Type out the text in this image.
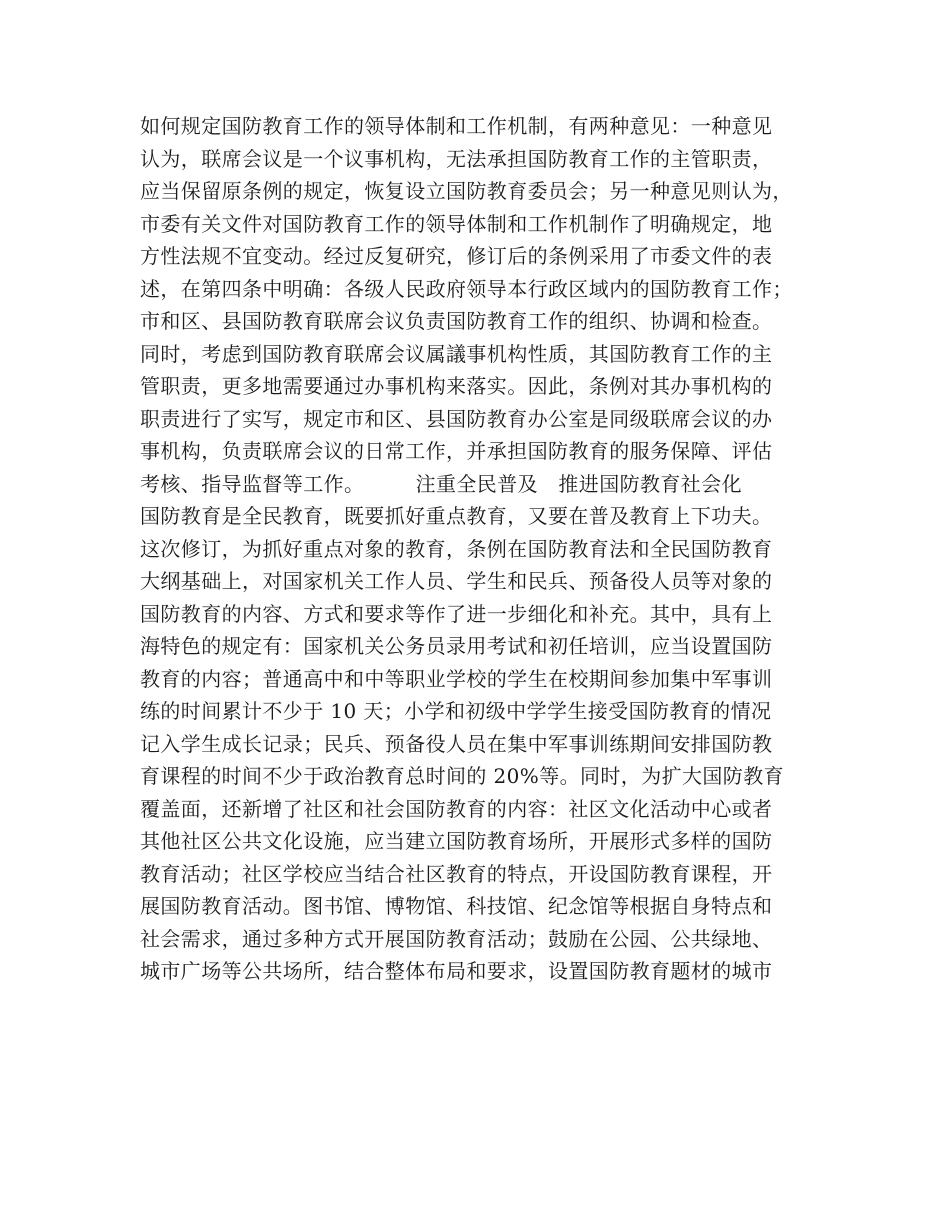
如何规定国防教育工作的领导体制和工作机制，有两种意见：一种意见
认为，联席会议是一个议事机构，无法承担国防教育工作的主管职责，
应当保留原条例的规定，恢复设立国防教育委员会；另一种意见则认为，
市委有关文件对国防教育工作的领导体制和工作机制作了明确规定，地
方性法规不宜变动。经过反复研究，修订后的条例采用了市委文件的表
述，在第四条中明确：各级人民政府领导本行政区域内的国防教育工作；
市和区、县国防教育联席会议负责国防教育工作的组织、协调和检查。
同时，考虑到国防教育联席会议属議事机构性质，其国防教育工作的主
管职责，更多地需要通过办事机构来落实。因此，条例对其办事机构的
职责进行了实写，规定市和区、县国防教育办公室是同级联席会议的办
事机构，负责联席会议的日常工作，并承担国防教育的服务保障、评估
考核、指导监督等工作。　　　注重全民普及　推进国防教育社会化
国防教育是全民教育，既要抓好重点教育，又要在普及教育上下功夫。
这次修订，为抓好重点对象的教育，条例在国防教育法和全民国防教育
大纲基础上，对国家机关工作人员、学生和民兵、预备役人员等对象的
国防教育的内容、方式和要求等作了进一步细化和补充。其中，具有上
海特色的规定有：国家机关公务员录用考试和初任培训，应当设置国防
教育的内容；普通高中和中等职业学校的学生在校期间参加集中军事训
练的时间累计不少于 10 天；小学和初级中学学生接受国防教育的情况
记入学生成长记录；民兵、预备役人员在集中军事训练期间安排国防教
育课程的时间不少于政治教育总时间的 20%等。同时，为扩大国防教育
覆盖面，还新增了社区和社会国防教育的内容：社区文化活动中心或者
其他社区公共文化设施，应当建立国防教育场所，开展形式多样的国防
教育活动；社区学校应当结合社区教育的特点，开设国防教育课程，开
展国防教育活动。图书馆、博物馆、科技馆、纪念馆等根据自身特点和
社会需求，通过多种方式开展国防教育活动；鼓励在公园、公共绿地、
城市广场等公共场所，结合整体布局和要求，设置国防教育题材的城市
